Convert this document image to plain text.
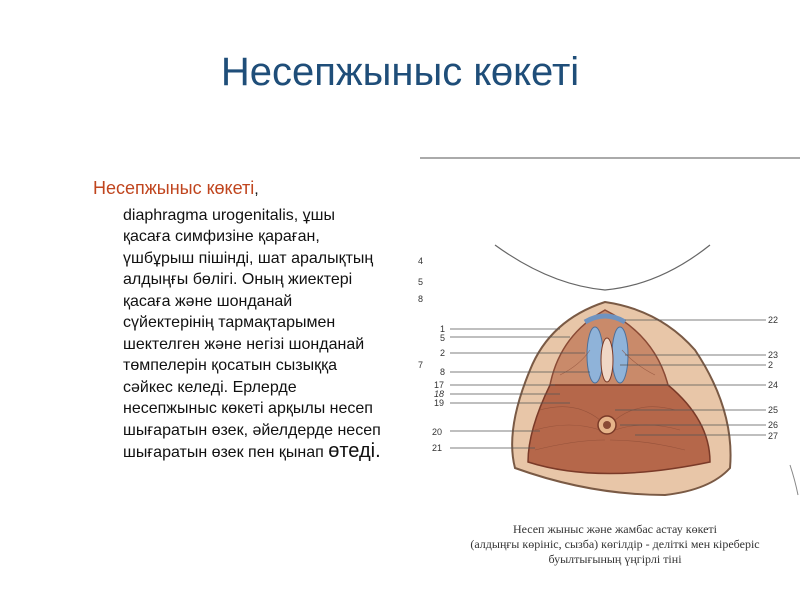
Несепжыныс көкеті
Несепжыныс көкеті,
diaphragma urogenitalis, ұшы қасаға симфизіне қараған, үшбұрыш пішінді, шат аралықтың алдыңғы бөлігі. Оның жиектері қасаға және шонданай сүйектерінің тармақтарымен шектелген және негізі шонданай төмпелерін қосатын сызыққа сәйкес келеді. Ерлерде несепжыныс көкеті арқылы несеп шығаратын өзек, әйелдерде несеп шығаратын өзек пен қынап өтеді.
4
5
8
1
5
2
7
8
17
18
19
20
21
22
23
2
24
25
26
27
Несеп жыныс және жамбас астау көкеті
(алдыңғы көрініс, сызба) көгілдір - деліткі мен кіреберіс
буылтығының үңгірлі тіні
